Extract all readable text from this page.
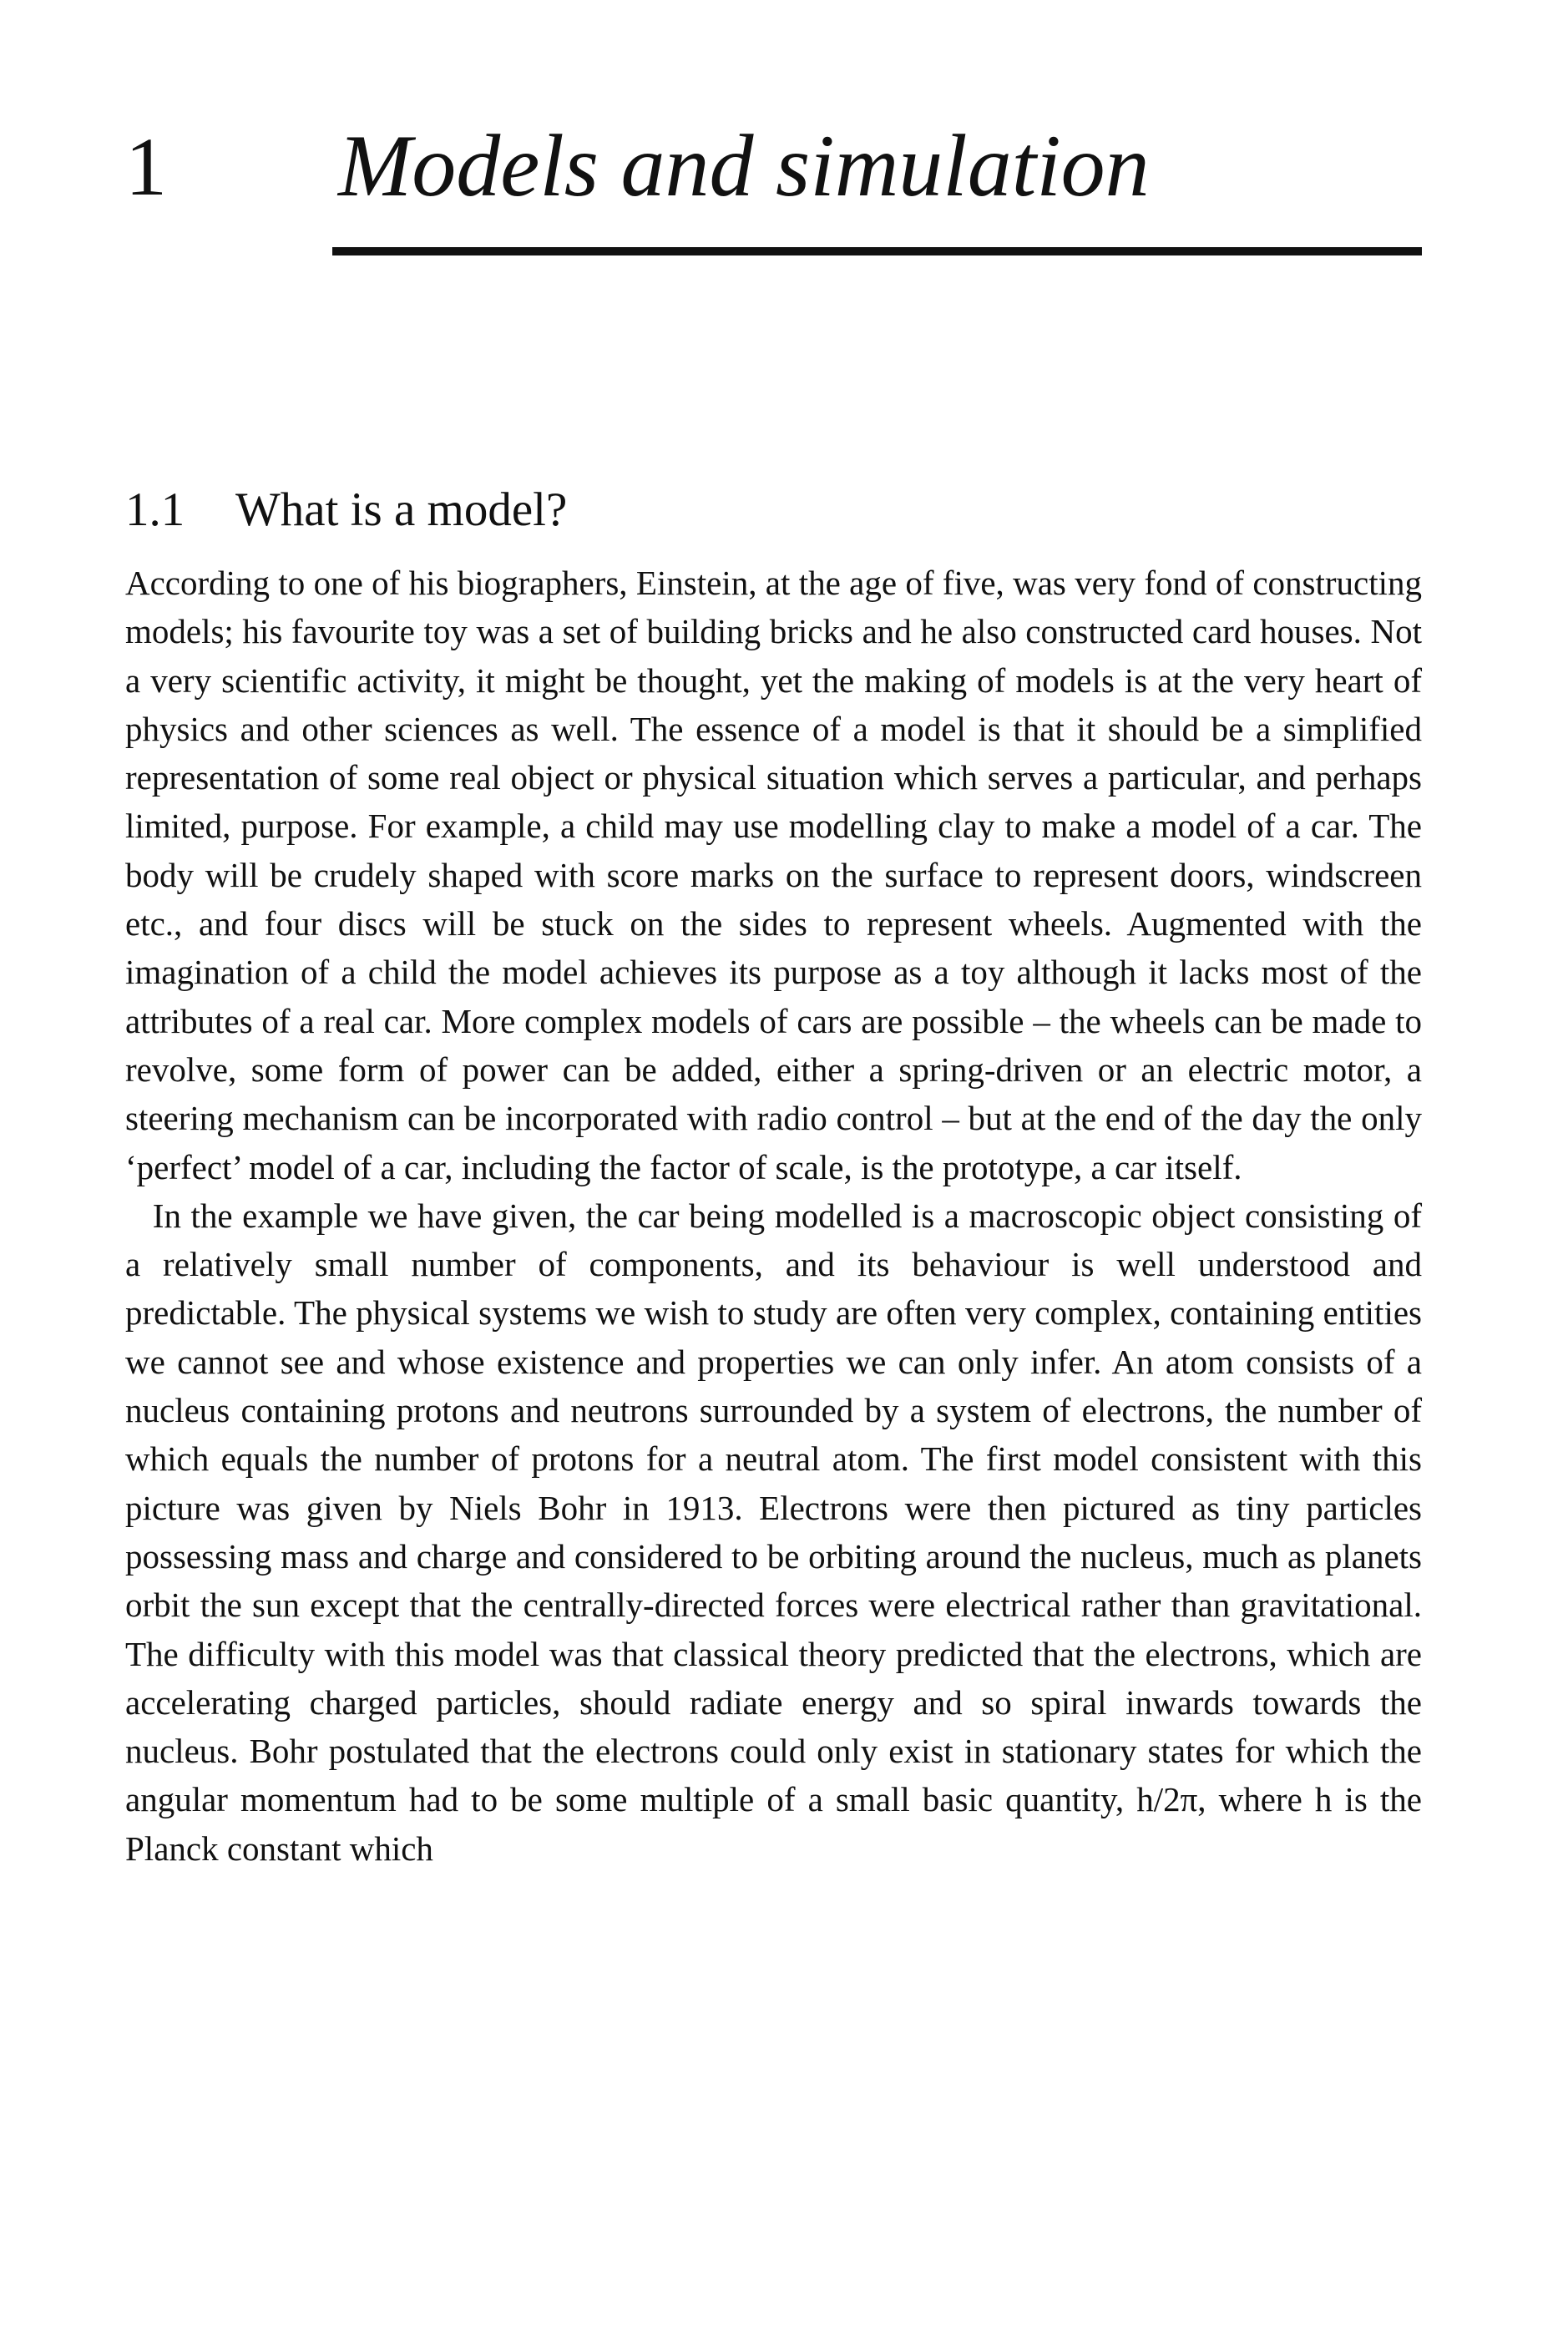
1 Models and simulation
1.1 What is a model?

According to one of his biographers, Einstein, at the age of five, was very fond of constructing models; his favourite toy was a set of building bricks and he also constructed card houses. Not a very scientific activity, it might be thought, yet the making of models is at the very heart of physics and other sciences as well. The essence of a model is that it should be a simplified representation of some real object or physical situation which serves a particular, and perhaps limited, purpose. For example, a child may use modelling clay to make a model of a car. The body will be crudely shaped with score marks on the surface to represent doors, windscreen etc., and four discs will be stuck on the sides to represent wheels. Augmented with the imagination of a child the model achieves its purpose as a toy although it lacks most of the attributes of a real car. More complex models of cars are possible – the wheels can be made to revolve, some form of power can be added, either a spring-driven or an electric motor, a steering mechanism can be incorporated with radio control – but at the end of the day the only ‘perfect’ model of a car, including the factor of scale, is the prototype, a car itself.

In the example we have given, the car being modelled is a macroscopic object consisting of a relatively small number of components, and its behaviour is well understood and predictable. The physical systems we wish to study are often very complex, containing entities we cannot see and whose existence and properties we can only infer. An atom consists of a nucleus containing protons and neutrons surrounded by a system of electrons, the number of which equals the number of protons for a neutral atom. The first model consistent with this picture was given by Niels Bohr in 1913. Electrons were then pictured as tiny particles possessing mass and charge and considered to be orbiting around the nucleus, much as planets orbit the sun except that the centrally-directed forces were electrical rather than gravitational. The difficulty with this model was that classical theory predicted that the electrons, which are accelerating charged particles, should radiate energy and so spiral inwards towards the nucleus. Bohr postulated that the electrons could only exist in stationary states for which the angular momentum had to be some multiple of a small basic quantity, h/2π, where h is the Planck constant which
